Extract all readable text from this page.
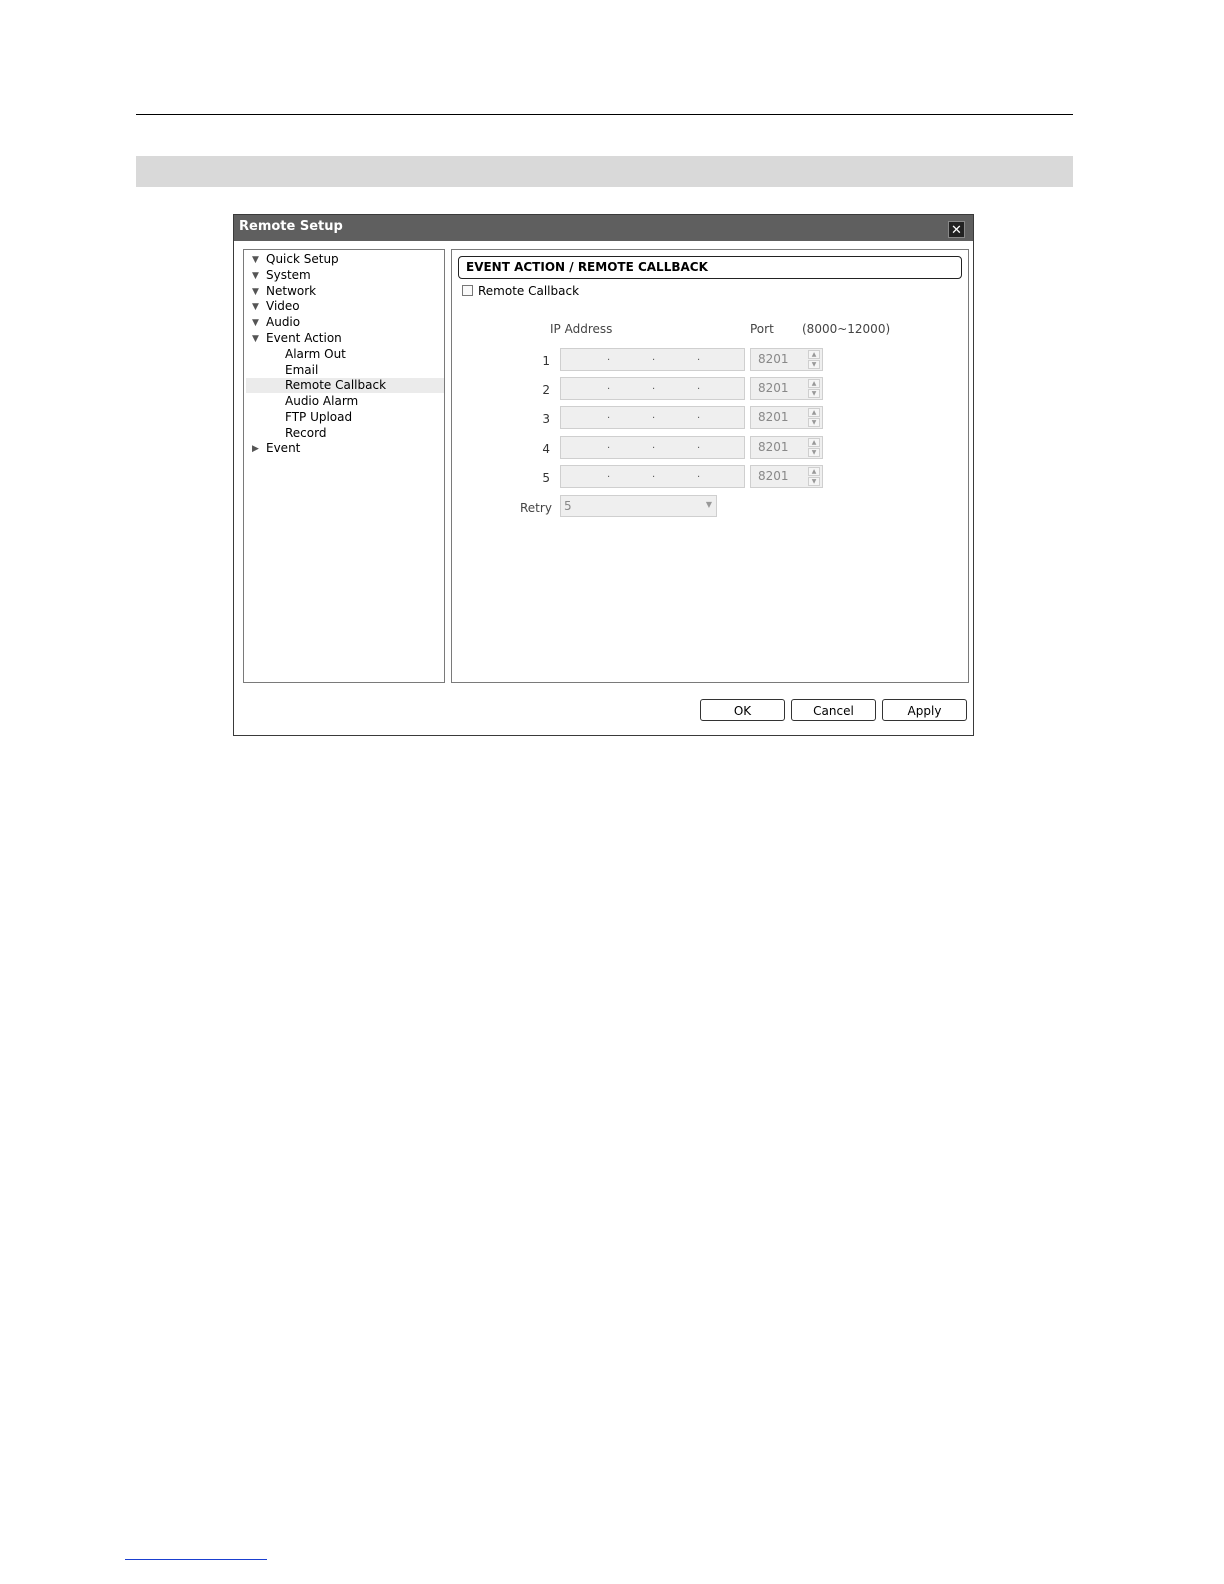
Remote Setup	✕
▼ Quick Setup
▼ System
▼ Network
▼ Video
▼ Audio
▼ Event Action
Alarm Out
Email
Remote Callback
Audio Alarm
FTP Upload
Record
▶ Event
EVENT ACTION / REMOTE CALLBACK
Remote Callback
IP Address	Port (8000~12000)
1	·	·	·	8201	▲
▼
2	·	·	·	8201	▲
▼
3	·	·	·	8201	▲
▼
4	·	·	·	8201	▲
▼
5	·	·	·	8201	▲
▼
Retry 5	▼
OK	Cancel	Apply
